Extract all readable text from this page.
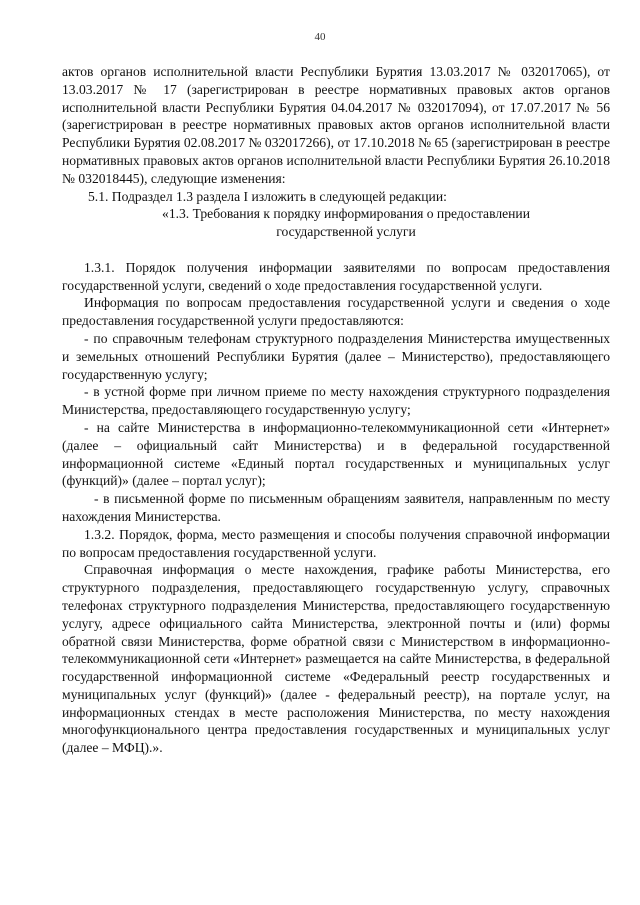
40

актов органов исполнительной власти Республики Бурятия 13.03.2017 № 032017065), от 13.03.2017 № 17 (зарегистрирован в реестре нормативных правовых актов органов исполнительной власти Республики Бурятия 04.04.2017 № 032017094), от 17.07.2017 № 56 (зарегистрирован в реестре нормативных правовых актов органов исполнительной власти Республики Бурятия 02.08.2017 № 032017266), от 17.10.2018 № 65 (зарегистрирован в реестре нормативных правовых актов органов исполнительной власти Республики Бурятия 26.10.2018 № 032018445), следующие изменения:

5.1. Подраздел 1.3 раздела I изложить в следующей редакции:

«1.3. Требования к порядку информирования о предоставлении государственной услуги

1.3.1. Порядок получения информации заявителями по вопросам предоставления государственной услуги, сведений о ходе предоставления государственной услуги.

Информация по вопросам предоставления государственной услуги и сведения о ходе предоставления государственной услуги предоставляются:

- по справочным телефонам структурного подразделения Министерства имущественных и земельных отношений Республики Бурятия (далее – Министерство), предоставляющего государственную услугу;

- в устной форме при личном приеме по месту нахождения структурного подразделения Министерства, предоставляющего государственную услугу;

- на сайте Министерства в информационно-телекоммуникационной сети «Интернет» (далее – официальный сайт Министерства) и в федеральной государственной информационной системе «Единый портал государственных и муниципальных услуг (функций)» (далее – портал услуг);

- в письменной форме по письменным обращениям заявителя, направленным по месту нахождения Министерства.

1.3.2. Порядок, форма, место размещения и способы получения справочной информации по вопросам предоставления государственной услуги.

Справочная информация о месте нахождения, графике работы Министерства, его структурного подразделения, предоставляющего государственную услугу, справочных телефонах структурного подразделения Министерства, предоставляющего государственную услугу, адресе официального сайта Министерства, электронной почты и (или) формы обратной связи Министерства, форме обратной связи с Министерством в информационно- телекоммуникационной сети «Интернет» размещается на сайте Министерства, в федеральной государственной информационной системе «Федеральный реестр государственных и муниципальных услуг (функций)» (далее - федеральный реестр), на портале услуг, на информационных стендах в месте расположения Министерства, по месту нахождения многофункционального центра предоставления государственных и муниципальных услуг (далее – МФЦ).».
